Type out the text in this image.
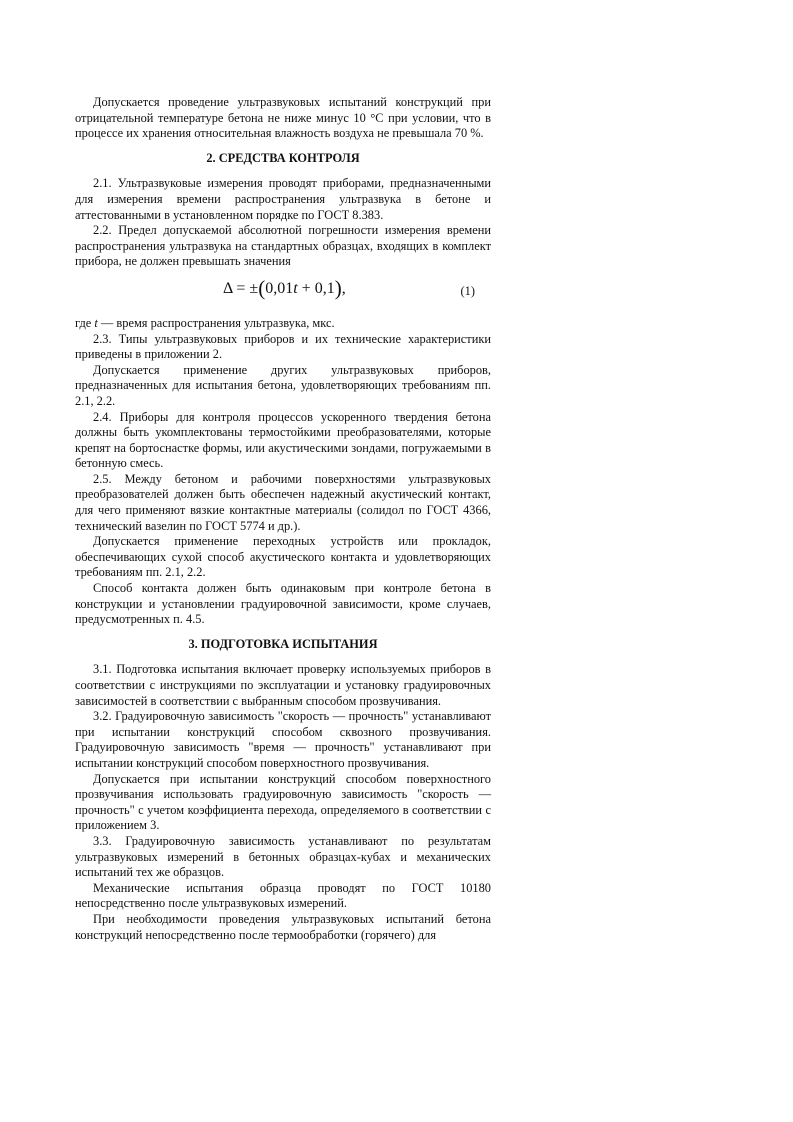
Допускается проведение ультразвуковых испытаний конструкций при отрицательной температуре бетона не ниже минус 10 °С при условии, что в процессе их хранения относительная влажность воздуха не превышала 70 %.

2. СРЕДСТВА КОНТРОЛЯ

2.1. Ультразвуковые измерения проводят приборами, предназначенными для измерения времени распространения ультразвука в бетоне и аттестованными в установленном порядке по ГОСТ 8.383.

2.2. Предел допускаемой абсолютной погрешности измерения времени распространения ультразвука на стандартных образцах, входящих в комплект прибора, не должен превышать значения

Δ = ±(0,01t + 0,1),	(1)

где t — время распространения ультразвука, мкс.

2.3. Типы ультразвуковых приборов и их технические характеристики приведены в приложении 2.

Допускается применение других ультразвуковых приборов, предназначенных для испытания бетона, удовлетворяющих требованиям пп. 2.1, 2.2.

2.4. Приборы для контроля процессов ускоренного твердения бетона должны быть укомплектованы термостойкими преобразователями, которые крепят на бортоснастке формы, или акустическими зондами, погружаемыми в бетонную смесь.

2.5. Между бетоном и рабочими поверхностями ультразвуковых преобразователей должен быть обеспечен надежный акустический контакт, для чего применяют вязкие контактные материалы (солидол по ГОСТ 4366, технический вазелин по ГОСТ 5774 и др.).

Допускается применение переходных устройств или прокладок, обеспечивающих сухой способ акустического контакта и удовлетворяющих требованиям пп. 2.1, 2.2.

Способ контакта должен быть одинаковым при контроле бетона в конструкции и установлении градуировочной зависимости, кроме случаев, предусмотренных п. 4.5.

3. ПОДГОТОВКА ИСПЫТАНИЯ

3.1. Подготовка испытания включает проверку используемых приборов в соответствии с инструкциями по эксплуатации и установку градуировочных зависимостей в соответствии с выбранным способом прозвучивания.

3.2. Градуировочную зависимость "скорость — прочность" устанавливают при испытании конструкций способом сквозного прозвучивания. Градуировочную зависимость "время — прочность" устанавливают при испытании конструкций способом поверхностного прозвучивания.

Допускается при испытании конструкций способом поверхностного прозвучивания использовать градуировочную зависимость "скорость — прочность" с учетом коэффициента перехода, определяемого в соответствии с приложением 3.

3.3. Градуировочную зависимость устанавливают по результатам ультразвуковых измерений в бетонных образцах-кубах и механических испытаний тех же образцов.

Механические испытания образца проводят по ГОСТ 10180 непосредственно после ультразвуковых измерений.

При необходимости проведения ультразвуковых испытаний бетона конструкций непосредственно после термообработки (горячего) для
